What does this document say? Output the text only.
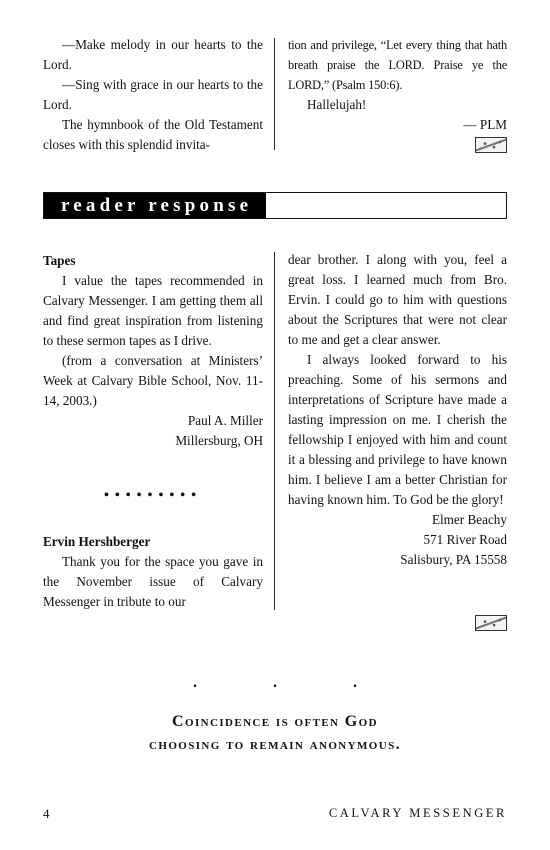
—Make melody in our hearts to the Lord.

—Sing with grace in our hearts to the Lord.

The hymnbook of the Old Testament closes with this splendid invita-

tion and privilege, “Let every thing that hath breath praise the LORD. Praise ye the LORD,” (Psalm 150:6).

Hallelujah!

— PLM

reader response

Tapes

I value the tapes recommended in Calvary Messenger. I am getting them all and find great inspiration from listening to these sermon tapes as I drive.

(from a conversation at Ministers’ Week at Calvary Bible School, Nov. 11-14, 2003.)

Paul A. Miller

Millersburg, OH

•••••••••

Ervin Hershberger

Thank you for the space you gave in the November issue of Calvary Messenger in tribute to our

dear brother. I along with you, feel a great loss. I learned much from Bro. Ervin. I could go to him with questions about the Scriptures that were not clear to me and get a clear answer.

I always looked forward to his preaching. Some of his sermons and interpretations of Scripture have made a lasting impression on me. I cherish the fellowship I enjoyed with him and count it a blessing and privilege to have known him. I believe I am a better Christian for having known him. To God be the glory!

Elmer Beachy

571 River Road

Salisbury, PA 15558

. . .
Coincidence is often God
choosing to remain anonymous.
4	CALVARY MESSENGER
